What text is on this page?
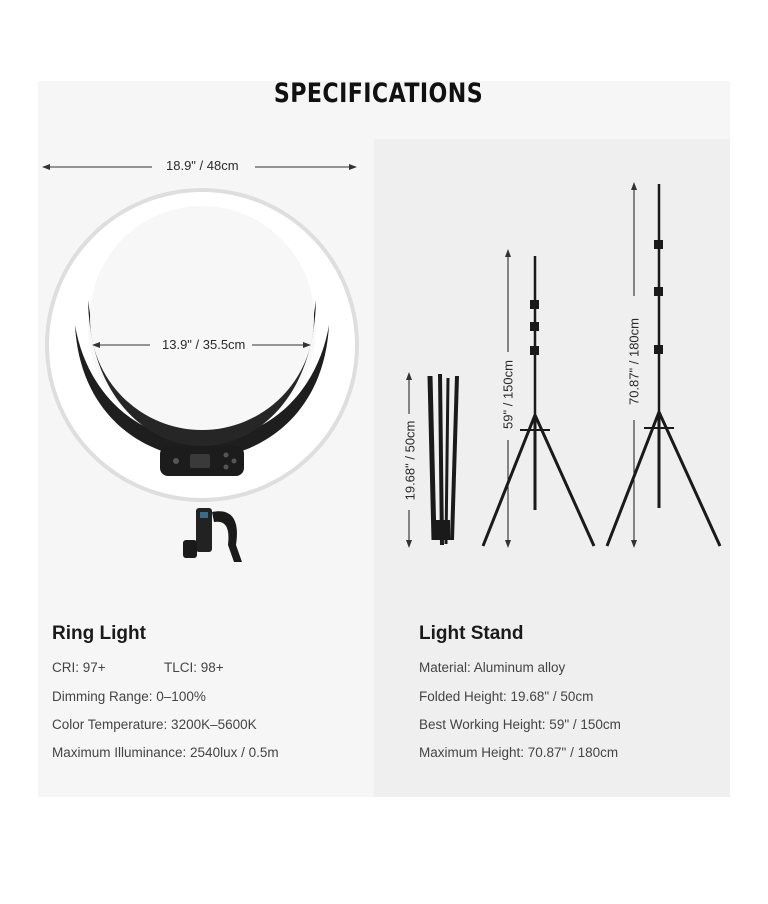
SPECIFICATIONS
18.9" / 48cm
13.9" / 35.5cm
19.68" / 50cm
59" / 150cm	70.87" / 180cm
Ring Light
CRI: 97+	TLCI: 98+
Dimming Range: 0–100%
Color Temperature: 3200K–5600K
Maximum Illuminance: 2540lux / 0.5m
Light Stand
Material: Aluminum alloy
Folded Height: 19.68" / 50cm
Best Working Height: 59" / 150cm
Maximum Height: 70.87" / 180cm
